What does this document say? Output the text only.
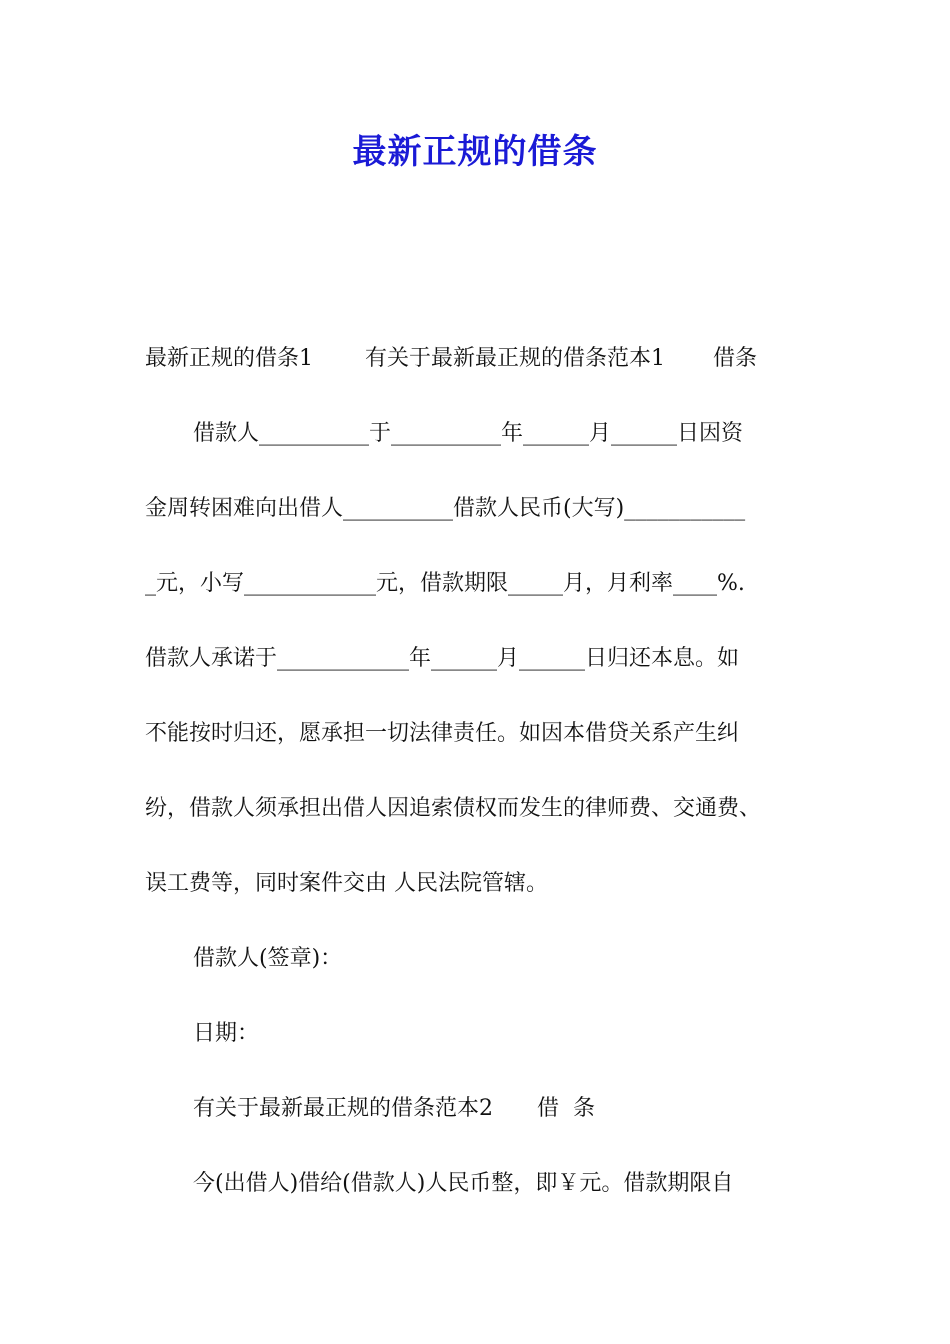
最新正规的借条
最新正规的借条1 有关于最新最正规的借条范本1 借条
借款人__________于__________年______月______日因资
金周转困难向出借人__________借款人民币(大写)___________
_元，小写____________元，借款期限_____月，月利率____%.
借款人承诺于____________年______月______日归还本息。如
不能按时归还，愿承担一切法律责任。如因本借贷关系产生纠
纷，借款人须承担出借人因追索债权而发生的律师费、交通费、
误工费等，同时案件交由 人民法院管辖。
借款人(签章)：
日期：
有关于最新最正规的借条范本2 借  条
今(出借人)借给(借款人)人民币整，即￥元。借款期限自
